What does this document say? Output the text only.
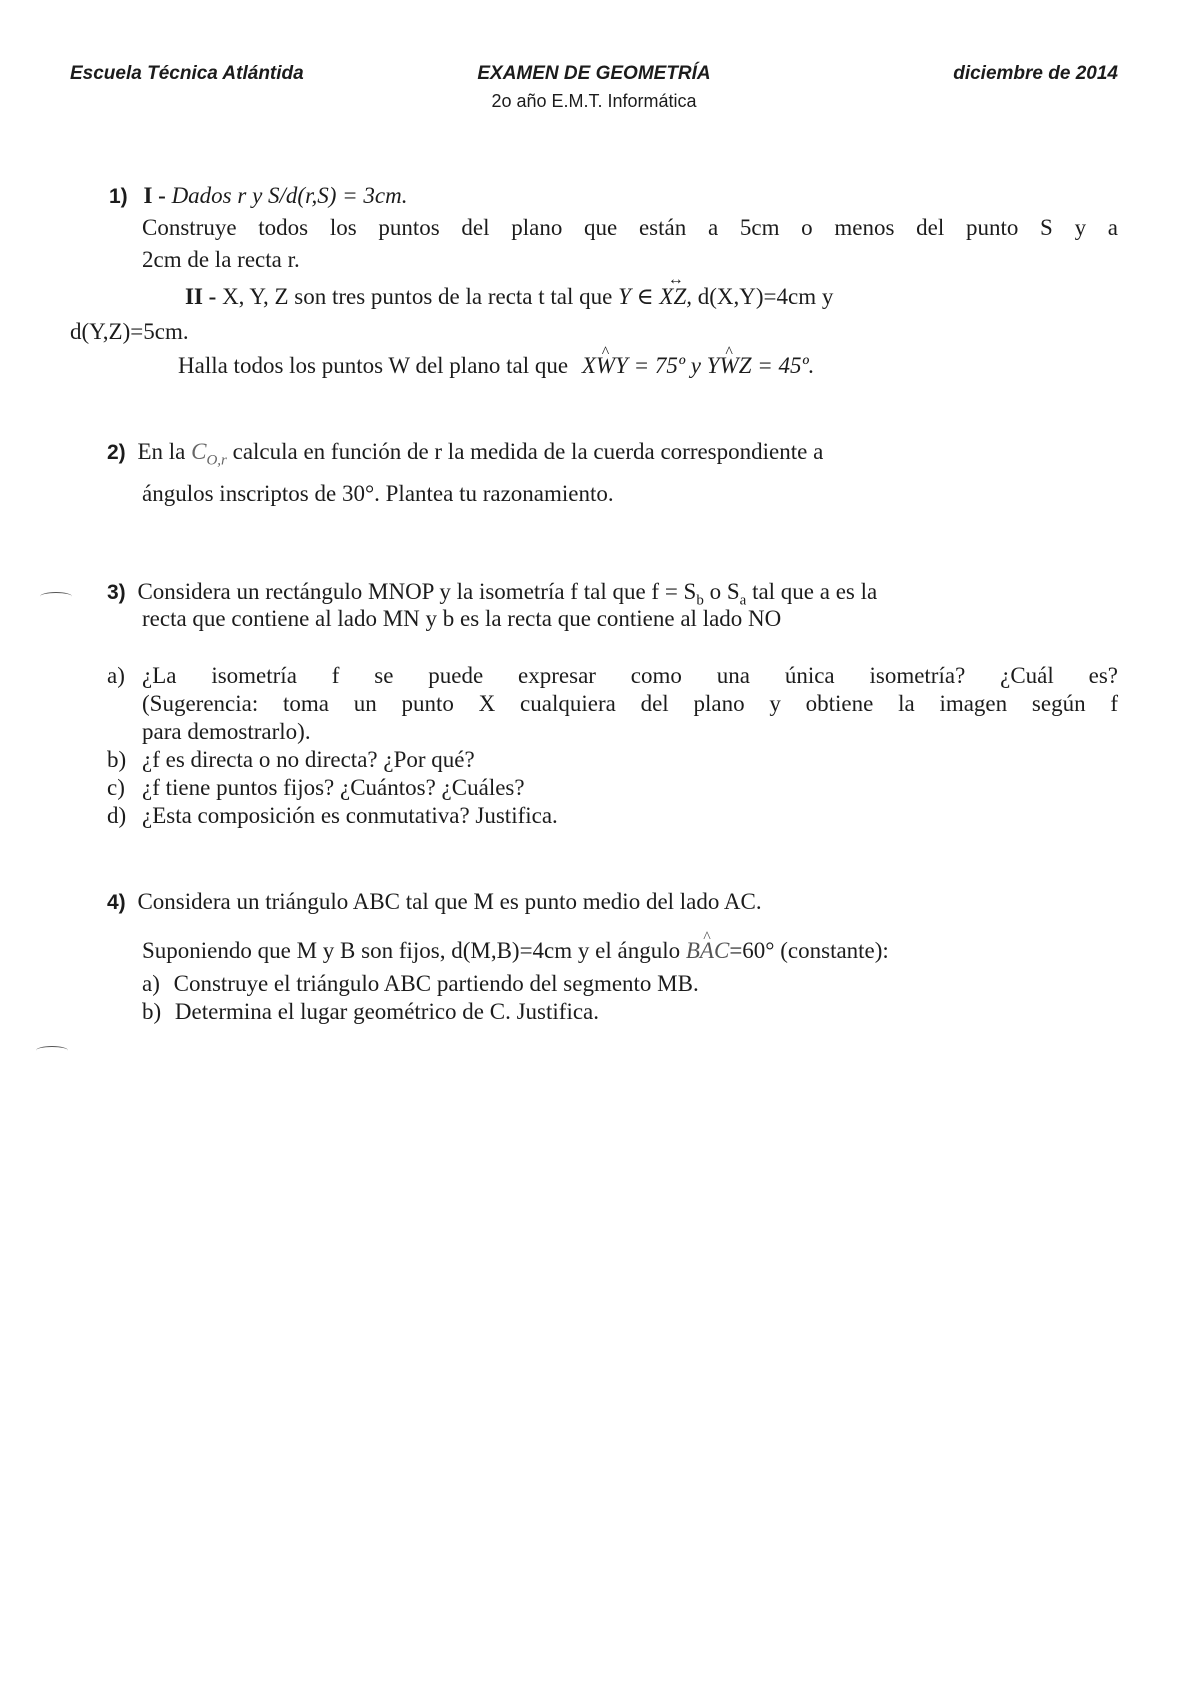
Escuela Técnica Atlántida	EXAMEN DE GEOMETRÍA	diciembre de 2014
2o año E.M.T. Informática
1) I - Dados r y S/d(r,S) = 3cm.
Construye todos los puntos del plano que están a 5cm o menos del punto S y a
2cm de la recta r.
II - X, Y, Z son tres puntos de la recta t tal que Y ∈ ↔ XZ, d(X,Y)=4cm y
d(Y,Z)=5cm.
Halla todos los puntos W del plano tal que X^ WY = 75º y Y^ WZ = 45º.
2) En la $C_{O,r}$ calcula en función de r la medida de la cuerda correspondiente a
ángulos inscriptos de 30°. Plantea tu razonamiento.
3) Considera un rectángulo MNOP y la isometría f tal que $f = S_b$ o $S_a$ tal que a es la
recta que contiene al lado MN y b es la recta que contiene al lado NO
a) ¿La isometría f se puede expresar como una única isometría? ¿Cuál es?
(Sugerencia: toma un punto X cualquiera del plano y obtiene la imagen según f
para demostrarlo).
b) ¿f es directa o no directa? ¿Por qué?
c) ¿f tiene puntos fijos? ¿Cuántos? ¿Cuáles?
d) ¿Esta composición es conmutativa? Justifica.
4) Considera un triángulo ABC tal que M es punto medio del lado AC.
Suponiendo que M y B son fijos, d(M,B)=4cm y el ángulo B^ AC=60° (constante):
a) Construye el triángulo ABC partiendo del segmento MB.
b) Determina el lugar geométrico de C. Justifica.
